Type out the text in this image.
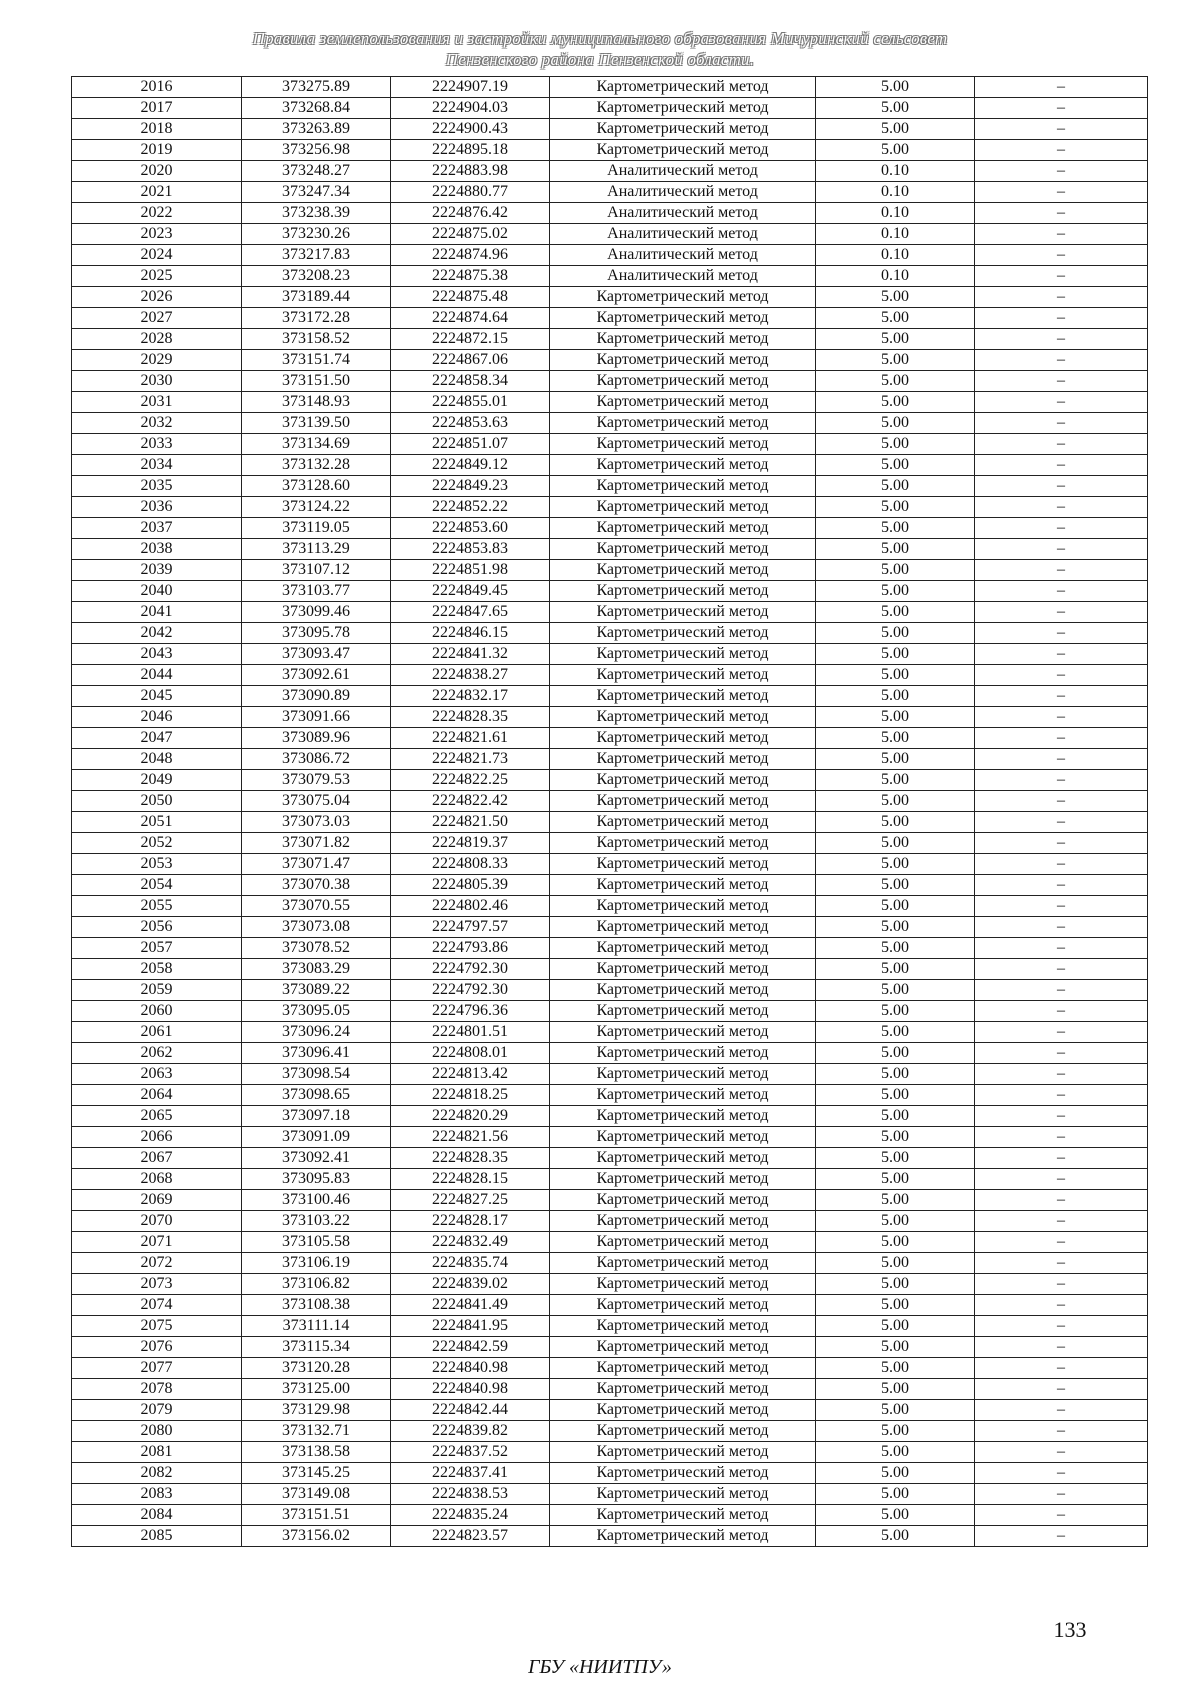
Правила землепользования и застройки муниципального образования Мичуринский сельсовет
Пензенского района Пензенской области.
2016	373275.89	2224907.19	Картометрический метод	5.00	–
2017	373268.84	2224904.03	Картометрический метод	5.00	–
2018	373263.89	2224900.43	Картометрический метод	5.00	–
2019	373256.98	2224895.18	Картометрический метод	5.00	–
2020	373248.27	2224883.98	Аналитический метод	0.10	–
2021	373247.34	2224880.77	Аналитический метод	0.10	–
2022	373238.39	2224876.42	Аналитический метод	0.10	–
2023	373230.26	2224875.02	Аналитический метод	0.10	–
2024	373217.83	2224874.96	Аналитический метод	0.10	–
2025	373208.23	2224875.38	Аналитический метод	0.10	–
2026	373189.44	2224875.48	Картометрический метод	5.00	–
2027	373172.28	2224874.64	Картометрический метод	5.00	–
2028	373158.52	2224872.15	Картометрический метод	5.00	–
2029	373151.74	2224867.06	Картометрический метод	5.00	–
2030	373151.50	2224858.34	Картометрический метод	5.00	–
2031	373148.93	2224855.01	Картометрический метод	5.00	–
2032	373139.50	2224853.63	Картометрический метод	5.00	–
2033	373134.69	2224851.07	Картометрический метод	5.00	–
2034	373132.28	2224849.12	Картометрический метод	5.00	–
2035	373128.60	2224849.23	Картометрический метод	5.00	–
2036	373124.22	2224852.22	Картометрический метод	5.00	–
2037	373119.05	2224853.60	Картометрический метод	5.00	–
2038	373113.29	2224853.83	Картометрический метод	5.00	–
2039	373107.12	2224851.98	Картометрический метод	5.00	–
2040	373103.77	2224849.45	Картометрический метод	5.00	–
2041	373099.46	2224847.65	Картометрический метод	5.00	–
2042	373095.78	2224846.15	Картометрический метод	5.00	–
2043	373093.47	2224841.32	Картометрический метод	5.00	–
2044	373092.61	2224838.27	Картометрический метод	5.00	–
2045	373090.89	2224832.17	Картометрический метод	5.00	–
2046	373091.66	2224828.35	Картометрический метод	5.00	–
2047	373089.96	2224821.61	Картометрический метод	5.00	–
2048	373086.72	2224821.73	Картометрический метод	5.00	–
2049	373079.53	2224822.25	Картометрический метод	5.00	–
2050	373075.04	2224822.42	Картометрический метод	5.00	–
2051	373073.03	2224821.50	Картометрический метод	5.00	–
2052	373071.82	2224819.37	Картометрический метод	5.00	–
2053	373071.47	2224808.33	Картометрический метод	5.00	–
2054	373070.38	2224805.39	Картометрический метод	5.00	–
2055	373070.55	2224802.46	Картометрический метод	5.00	–
2056	373073.08	2224797.57	Картометрический метод	5.00	–
2057	373078.52	2224793.86	Картометрический метод	5.00	–
2058	373083.29	2224792.30	Картометрический метод	5.00	–
2059	373089.22	2224792.30	Картометрический метод	5.00	–
2060	373095.05	2224796.36	Картометрический метод	5.00	–
2061	373096.24	2224801.51	Картометрический метод	5.00	–
2062	373096.41	2224808.01	Картометрический метод	5.00	–
2063	373098.54	2224813.42	Картометрический метод	5.00	–
2064	373098.65	2224818.25	Картометрический метод	5.00	–
2065	373097.18	2224820.29	Картометрический метод	5.00	–
2066	373091.09	2224821.56	Картометрический метод	5.00	–
2067	373092.41	2224828.35	Картометрический метод	5.00	–
2068	373095.83	2224828.15	Картометрический метод	5.00	–
2069	373100.46	2224827.25	Картометрический метод	5.00	–
2070	373103.22	2224828.17	Картометрический метод	5.00	–
2071	373105.58	2224832.49	Картометрический метод	5.00	–
2072	373106.19	2224835.74	Картометрический метод	5.00	–
2073	373106.82	2224839.02	Картометрический метод	5.00	–
2074	373108.38	2224841.49	Картометрический метод	5.00	–
2075	373111.14	2224841.95	Картометрический метод	5.00	–
2076	373115.34	2224842.59	Картометрический метод	5.00	–
2077	373120.28	2224840.98	Картометрический метод	5.00	–
2078	373125.00	2224840.98	Картометрический метод	5.00	–
2079	373129.98	2224842.44	Картометрический метод	5.00	–
2080	373132.71	2224839.82	Картометрический метод	5.00	–
2081	373138.58	2224837.52	Картометрический метод	5.00	–
2082	373145.25	2224837.41	Картометрический метод	5.00	–
2083	373149.08	2224838.53	Картометрический метод	5.00	–
2084	373151.51	2224835.24	Картометрический метод	5.00	–
2085	373156.02	2224823.57	Картометрический метод	5.00	–
133
ГБУ «НИИТПУ»
